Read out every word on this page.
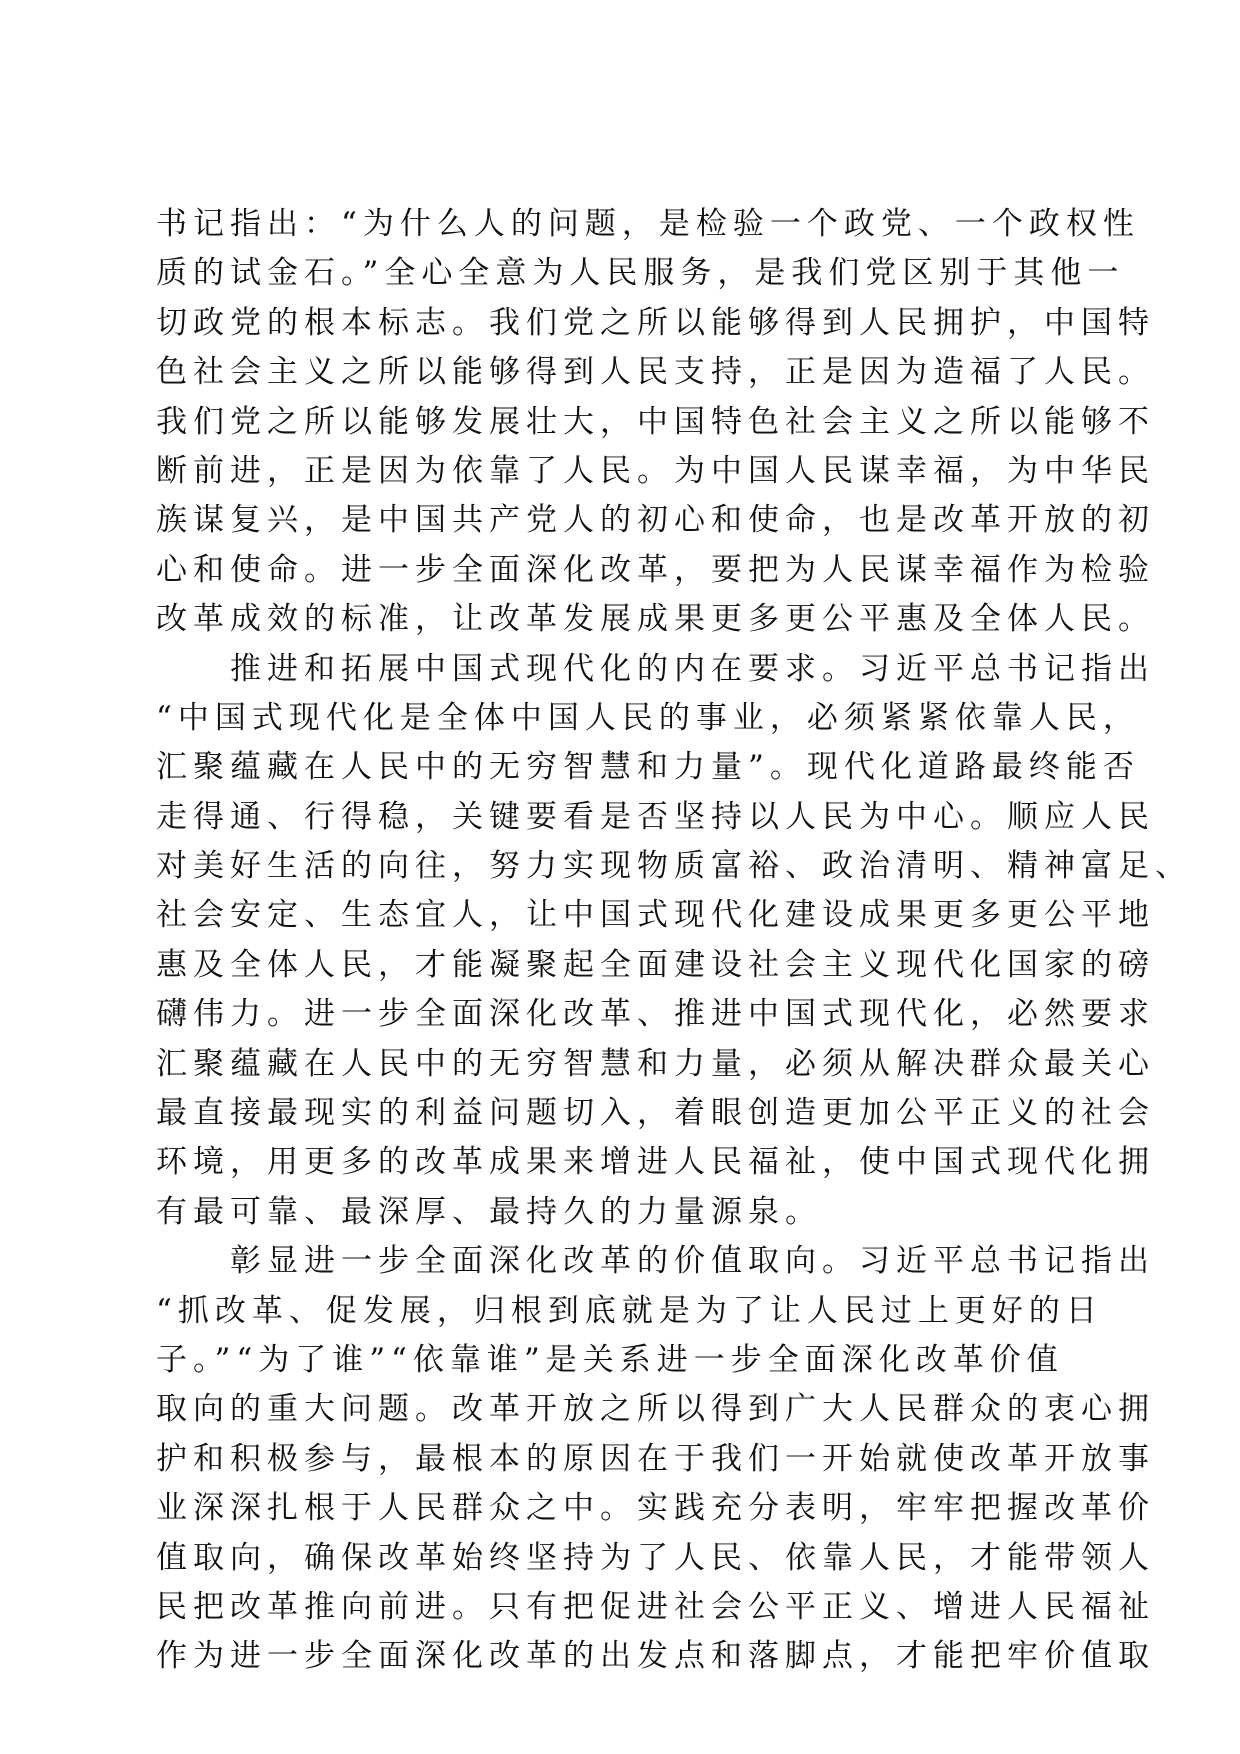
书记指出：“为什么人的问题，是检验一个政党、一个政权性
质的试金石。”全心全意为人民服务，是我们党区别于其他一
切政党的根本标志。我们党之所以能够得到人民拥护，中国特
色社会主义之所以能够得到人民支持，正是因为造福了人民。
我们党之所以能够发展壮大，中国特色社会主义之所以能够不
断前进，正是因为依靠了人民。为中国人民谋幸福，为中华民
族谋复兴，是中国共产党人的初心和使命，也是改革开放的初
心和使命。进一步全面深化改革，要把为人民谋幸福作为检验
改革成效的标准，让改革发展成果更多更公平惠及全体人民。
　　推进和拓展中国式现代化的内在要求。习近平总书记指出
“中国式现代化是全体中国人民的事业，必须紧紧依靠人民，
汇聚蕴藏在人民中的无穷智慧和力量”。现代化道路最终能否
走得通、行得稳，关键要看是否坚持以人民为中心。顺应人民
对美好生活的向往，努力实现物质富裕、政治清明、精神富足、
社会安定、生态宜人，让中国式现代化建设成果更多更公平地
惠及全体人民，才能凝聚起全面建设社会主义现代化国家的磅
礴伟力。进一步全面深化改革、推进中国式现代化，必然要求
汇聚蕴藏在人民中的无穷智慧和力量，必须从解决群众最关心
最直接最现实的利益问题切入，着眼创造更加公平正义的社会
环境，用更多的改革成果来增进人民福祉，使中国式现代化拥
有最可靠、最深厚、最持久的力量源泉。
　　彰显进一步全面深化改革的价值取向。习近平总书记指出
“抓改革、促发展，归根到底就是为了让人民过上更好的日
子。”“为了谁”“依靠谁”是关系进一步全面深化改革价值
取向的重大问题。改革开放之所以得到广大人民群众的衷心拥
护和积极参与，最根本的原因在于我们一开始就使改革开放事
业深深扎根于人民群众之中。实践充分表明，牢牢把握改革价
值取向，确保改革始终坚持为了人民、依靠人民，才能带领人
民把改革推向前进。只有把促进社会公平正义、增进人民福祉
作为进一步全面深化改革的出发点和落脚点，才能把牢价值取
